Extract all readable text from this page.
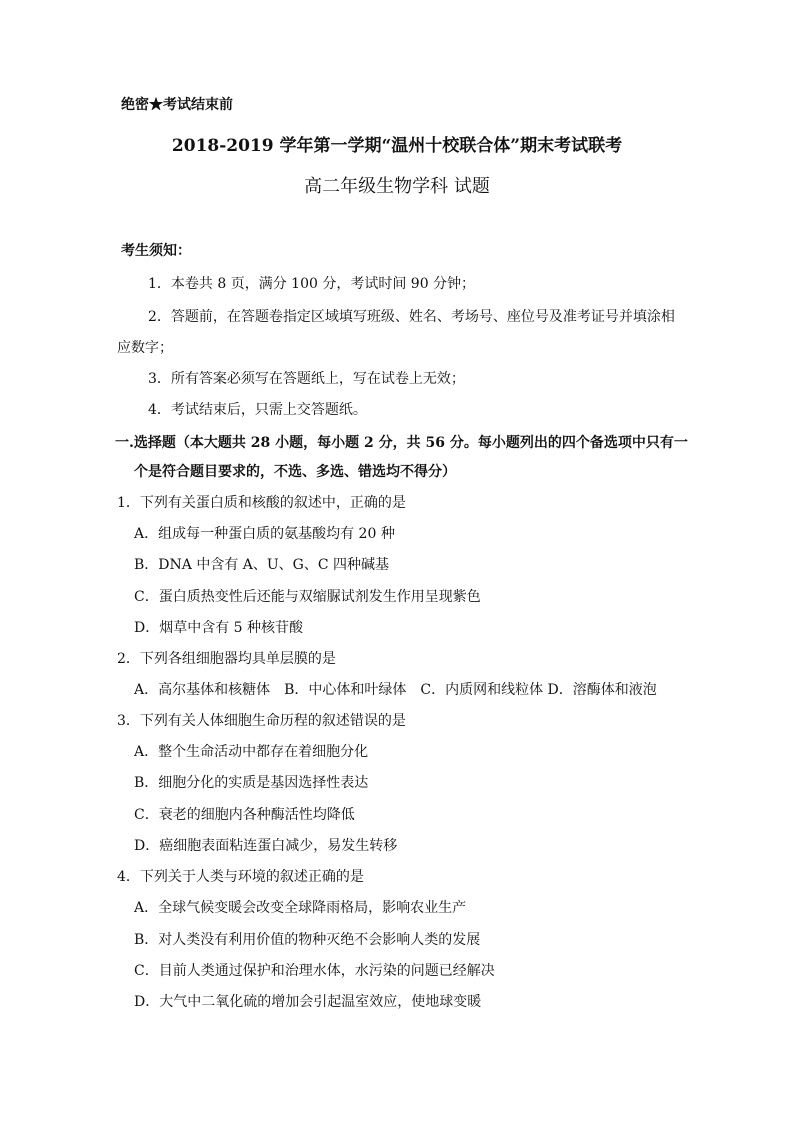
绝密★考试结束前
2018-2019 学年第一学期“温州十校联合体”期末考试联考
高二年级生物学科 试题
考生须知：
1．本卷共 8 页，满分 100 分，考试时间 90 分钟；
2．答题前，在答题卷指定区域填写班级、姓名、考场号、座位号及准考证号并填涂相
应数字；
3．所有答案必须写在答题纸上，写在试卷上无效；
4．考试结束后，只需上交答题纸。
一.选择题（本大题共 28 小题，每小题 2 分，共 56 分。每小题列出的四个备选项中只有一
个是符合题目要求的，不选、多选、错选均不得分）
1．下列有关蛋白质和核酸的叙述中，正确的是
A．组成每一种蛋白质的氨基酸均有 20 种
B．DNA 中含有 A、U、G、C 四种碱基
C．蛋白质热变性后还能与双缩脲试剂发生作用呈现紫色
D．烟草中含有 5 种核苷酸
2．下列各组细胞器均具单层膜的是
A．高尔基体和核糖体　B．中心体和叶绿体　C．内质网和线粒体 D．溶酶体和液泡
3．下列有关人体细胞生命历程的叙述错误的是
A．整个生命活动中都存在着细胞分化
B．细胞分化的实质是基因选择性表达
C．衰老的细胞内各种酶活性均降低
D．癌细胞表面粘连蛋白减少，易发生转移
4．下列关于人类与环境的叙述正确的是
A．全球气候变暖会改变全球降雨格局，影响农业生产
B．对人类没有利用价值的物种灭绝不会影响人类的发展
C．目前人类通过保护和治理水体，水污染的问题已经解决
D．大气中二氧化硫的增加会引起温室效应，使地球变暖
